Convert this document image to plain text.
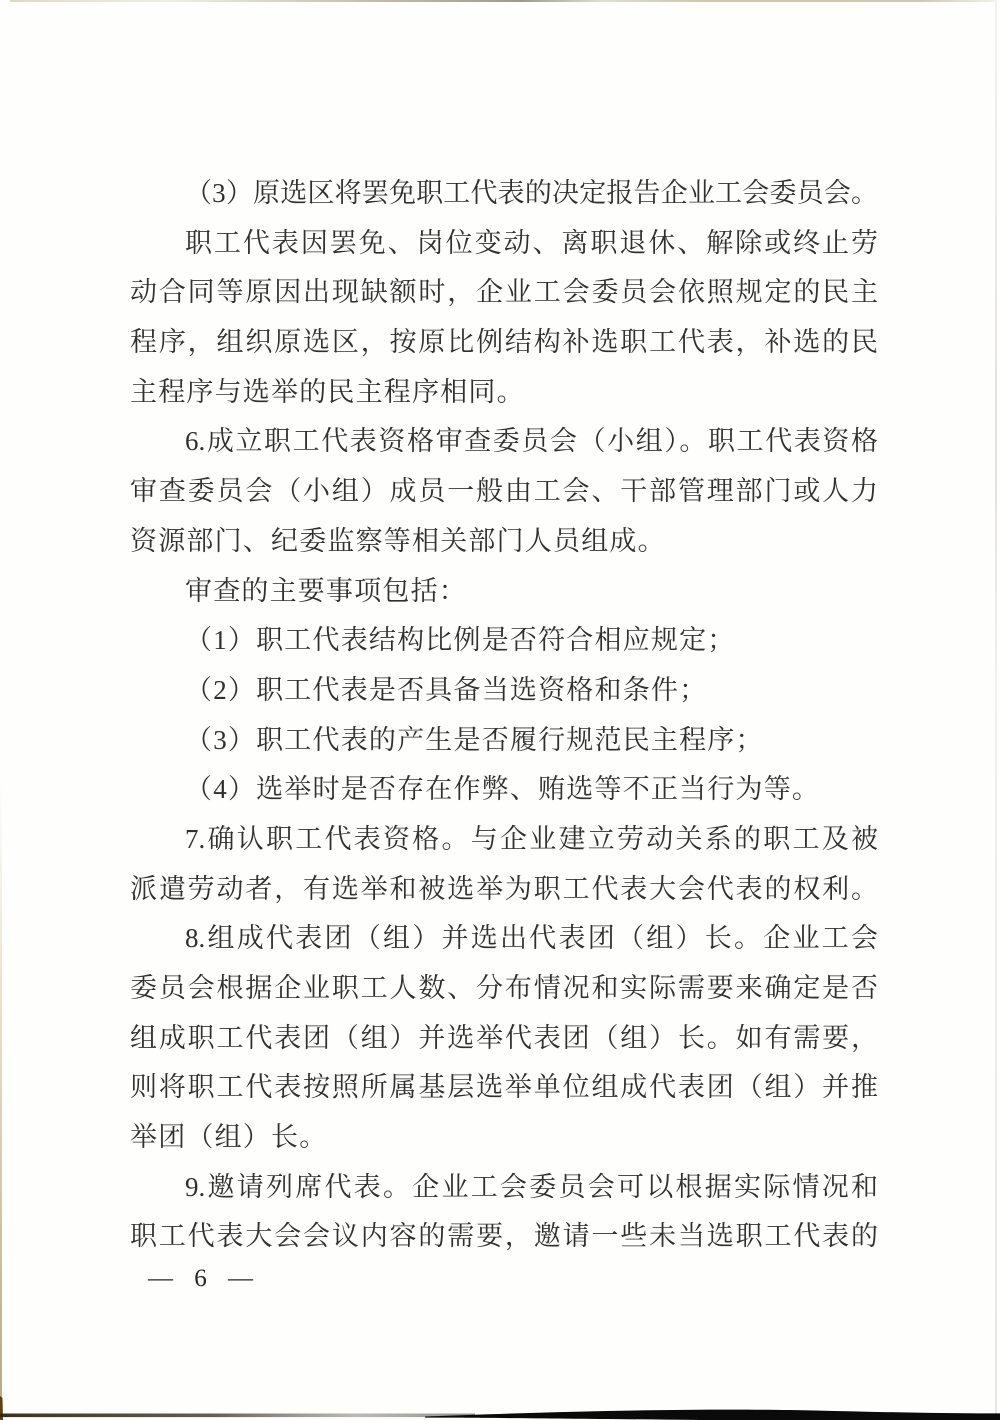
（3）原选区将罢免职工代表的决定报告企业工会委员会。
职工代表因罢免、岗位变动、离职退休、解除或终止劳
动合同等原因出现缺额时，企业工会委员会依照规定的民主
程序，组织原选区，按原比例结构补选职工代表，补选的民
主程序与选举的民主程序相同。
6.成立职工代表资格审查委员会（小组）。职工代表资格
审查委员会（小组）成员一般由工会、干部管理部门或人力
资源部门、纪委监察等相关部门人员组成。
审查的主要事项包括：
（1）职工代表结构比例是否符合相应规定；
（2）职工代表是否具备当选资格和条件；
（3）职工代表的产生是否履行规范民主程序；
（4）选举时是否存在作弊、贿选等不正当行为等。
7.确认职工代表资格。与企业建立劳动关系的职工及被
派遣劳动者，有选举和被选举为职工代表大会代表的权利。
8.组成代表团（组）并选出代表团（组）长。企业工会
委员会根据企业职工人数、分布情况和实际需要来确定是否
组成职工代表团（组）并选举代表团（组）长。如有需要，
则将职工代表按照所属基层选举单位组成代表团（组）并推
举团（组）长。
9.邀请列席代表。企业工会委员会可以根据实际情况和
职工代表大会会议内容的需要，邀请一些未当选职工代表的
— 6 —
